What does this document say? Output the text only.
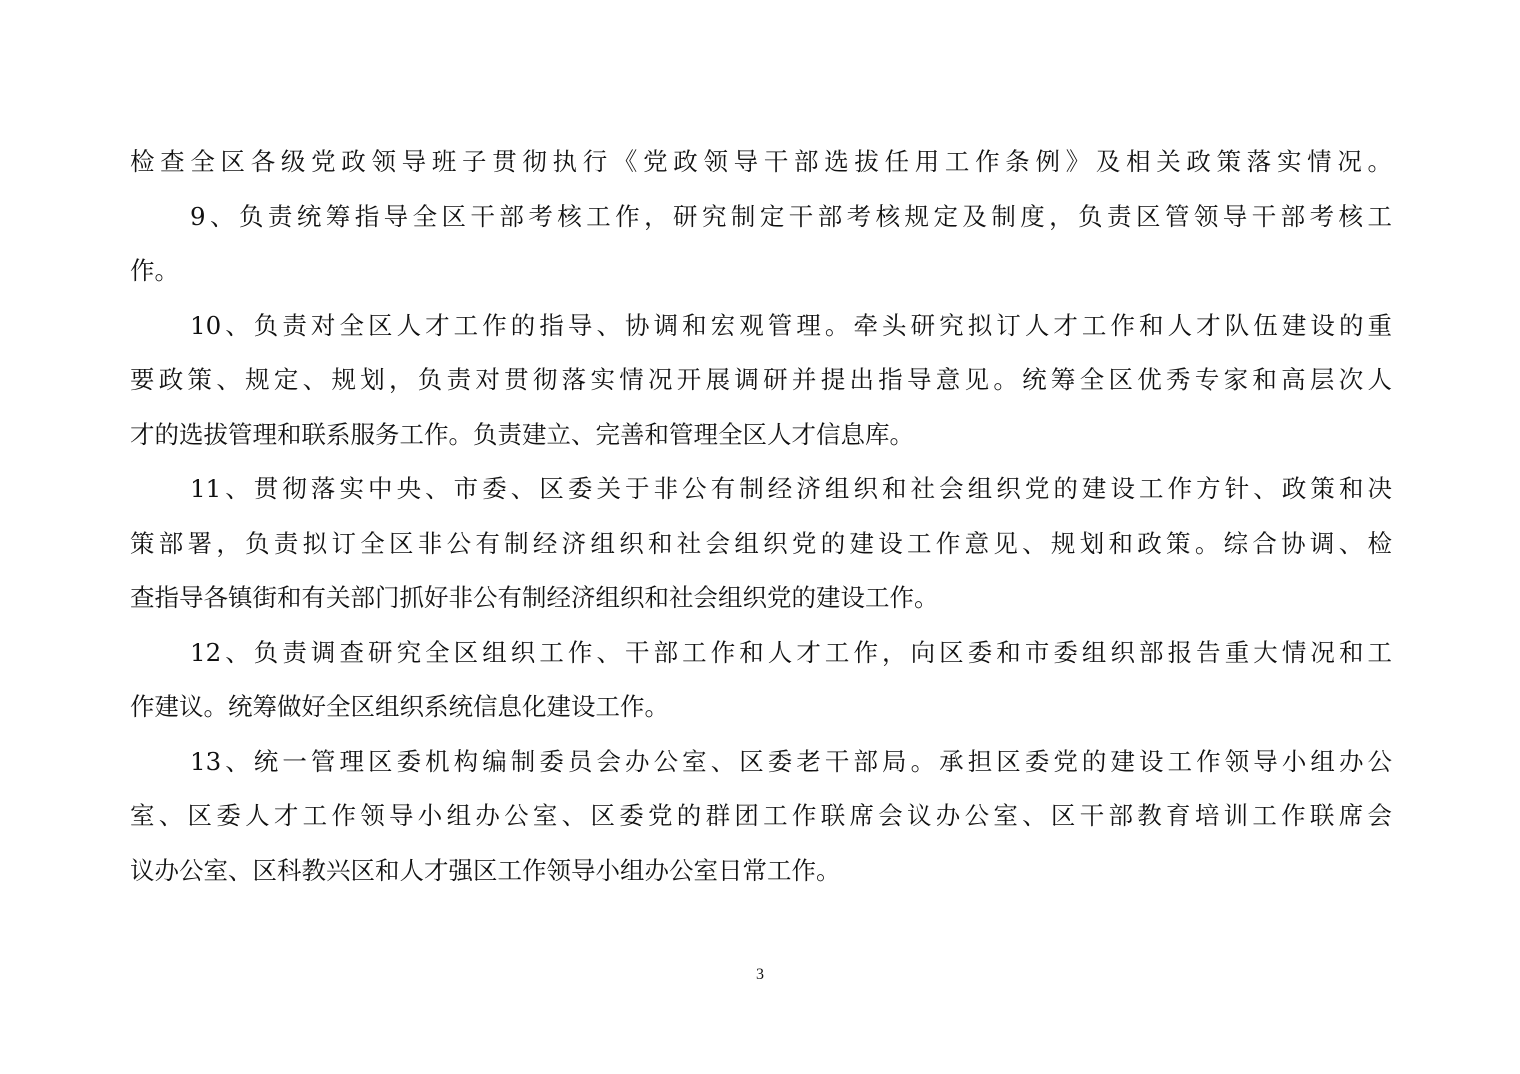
检查全区各级党政领导班子贯彻执行《党政领导干部选拔任用工作条例》及相关政策落实情况。
9、负责统筹指导全区干部考核工作，研究制定干部考核规定及制度，负责区管领导干部考核工
作。
10、负责对全区人才工作的指导、协调和宏观管理。牵头研究拟订人才工作和人才队伍建设的重
要政策、规定、规划，负责对贯彻落实情况开展调研并提出指导意见。统筹全区优秀专家和高层次人
才的选拔管理和联系服务工作。负责建立、完善和管理全区人才信息库。
11、贯彻落实中央、市委、区委关于非公有制经济组织和社会组织党的建设工作方针、政策和决
策部署，负责拟订全区非公有制经济组织和社会组织党的建设工作意见、规划和政策。综合协调、检
查指导各镇街和有关部门抓好非公有制经济组织和社会组织党的建设工作。
12、负责调查研究全区组织工作、干部工作和人才工作，向区委和市委组织部报告重大情况和工
作建议。统筹做好全区组织系统信息化建设工作。
13、统一管理区委机构编制委员会办公室、区委老干部局。承担区委党的建设工作领导小组办公
室、区委人才工作领导小组办公室、区委党的群团工作联席会议办公室、区干部教育培训工作联席会
议办公室、区科教兴区和人才强区工作领导小组办公室日常工作。
3
